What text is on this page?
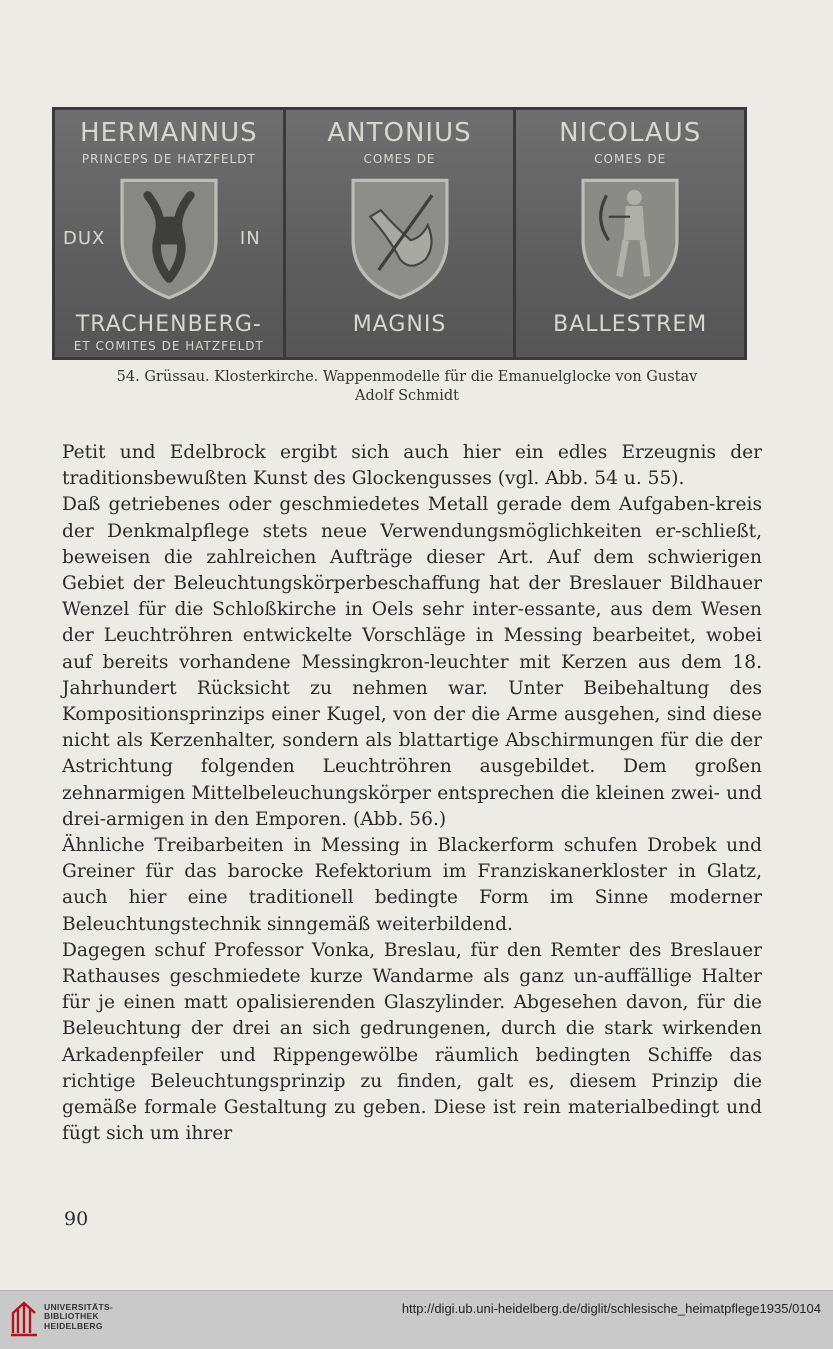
HERMANNUS
PRINCEPS DE HATZFELDT
DUX	IN
TRACHENBERG-
ET COMITES DE HATZFELDT
ANTONIUS
COMES DE
MAGNIS
NICOLAUS
COMES DE
BALLESTREM
54. Grüssau. Klosterkirche. Wappenmodelle für die Emanuelglocke von Gustav
Adolf Schmidt

Petit und Edelbrock ergibt sich auch hier ein edles Erzeugnis der traditionsbewußten Kunst des Glockengusses (vgl. Abb. 54 u. 55).

Daß getriebenes oder geschmiedetes Metall gerade dem Aufgaben-kreis der Denkmalpflege stets neue Verwendungsmöglichkeiten er-schließt, beweisen die zahlreichen Aufträge dieser Art. Auf dem schwierigen Gebiet der Beleuchtungskörperbeschaffung hat der Breslauer Bildhauer Wenzel für die Schloßkirche in Oels sehr inter-essante, aus dem Wesen der Leuchtröhren entwickelte Vorschläge in Messing bearbeitet, wobei auf bereits vorhandene Messingkron-leuchter mit Kerzen aus dem 18. Jahrhundert Rücksicht zu nehmen war. Unter Beibehaltung des Kompositionsprinzips einer Kugel, von der die Arme ausgehen, sind diese nicht als Kerzenhalter, sondern als blattartige Abschirmungen für die der Astrichtung folgenden Leuchtröhren ausgebildet. Dem großen zehnarmigen Mittelbeleuchungskörper entsprechen die kleinen zwei- und drei-armigen in den Emporen. (Abb. 56.)

Ähnliche Treibarbeiten in Messing in Blackerform schufen Drobek und Greiner für das barocke Refektorium im Franziskanerkloster in Glatz, auch hier eine traditionell bedingte Form im Sinne moderner Beleuchtungstechnik sinngemäß weiterbildend.

Dagegen schuf Professor Vonka, Breslau, für den Remter des Breslauer Rathauses geschmiedete kurze Wandarme als ganz un-auffällige Halter für je einen matt opalisierenden Glaszylinder. Abgesehen davon, für die Beleuchtung der drei an sich gedrungenen, durch die stark wirkenden Arkadenpfeiler und Rippengewölbe räumlich bedingten Schiffe das richtige Beleuchtungsprinzip zu finden, galt es, diesem Prinzip die gemäße formale Gestaltung zu geben. Diese ist rein materialbedingt und fügt sich um ihrer

90
UNIVERSITÄTS-
BIBLIOTHEK
HEIDELBERG
http://digi.ub.uni-heidelberg.de/diglit/schlesische_heimatpflege1935/0104
